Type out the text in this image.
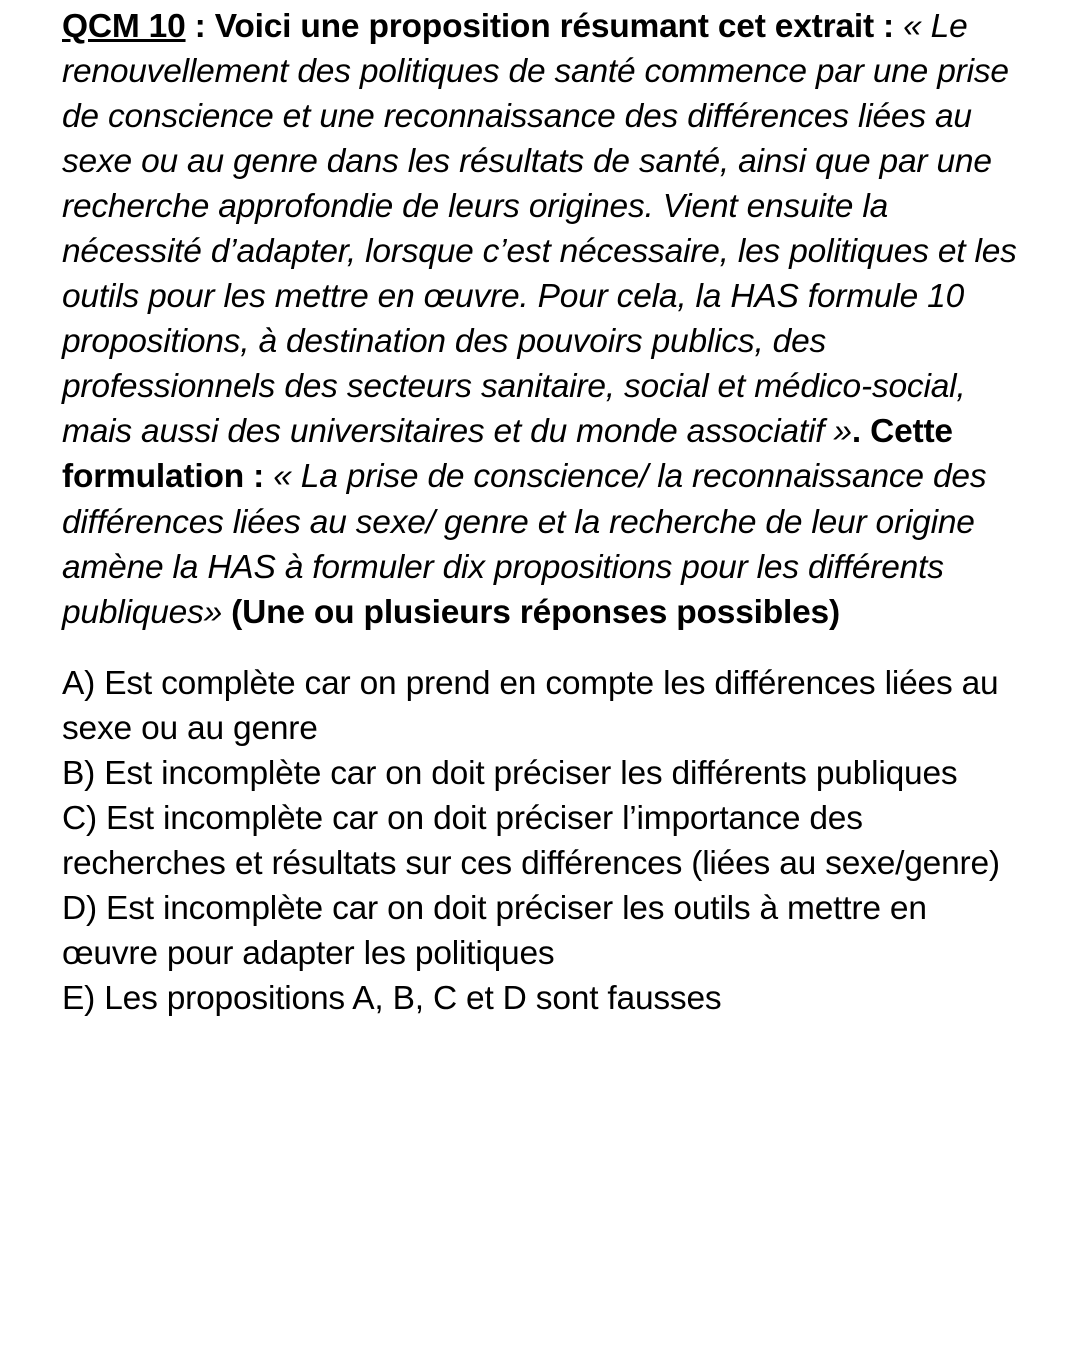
QCM 10 : Voici une proposition résumant cet extrait : « Le renouvellement des politiques de santé commence par une prise de conscience et une reconnaissance des différences liées au sexe ou au genre dans les résultats de santé, ainsi que par une recherche approfondie de leurs origines. Vient ensuite la nécessité d’adapter, lorsque c’est nécessaire, les politiques et les outils pour les mettre en œuvre. Pour cela, la HAS formule 10 propositions, à destination des pouvoirs publics, des professionnels des secteurs sanitaire, social et médico-social, mais aussi des universitaires et du monde associatif ». Cette formulation : « La prise de conscience/ la reconnaissance des différences liées au sexe/ genre et la recherche de leur origine amène la HAS à formuler dix propositions pour les différents publiques» (Une ou plusieurs réponses possibles)

A) Est complète car on prend en compte les différences liées au sexe ou au genre

B) Est incomplète car on doit préciser les différents publiques

C) Est incomplète car on doit préciser l’importance des recherches et résultats sur ces différences (liées au sexe/genre)

D) Est incomplète car on doit préciser les outils à mettre en œuvre pour adapter les politiques

E) Les propositions A, B, C et D sont fausses
